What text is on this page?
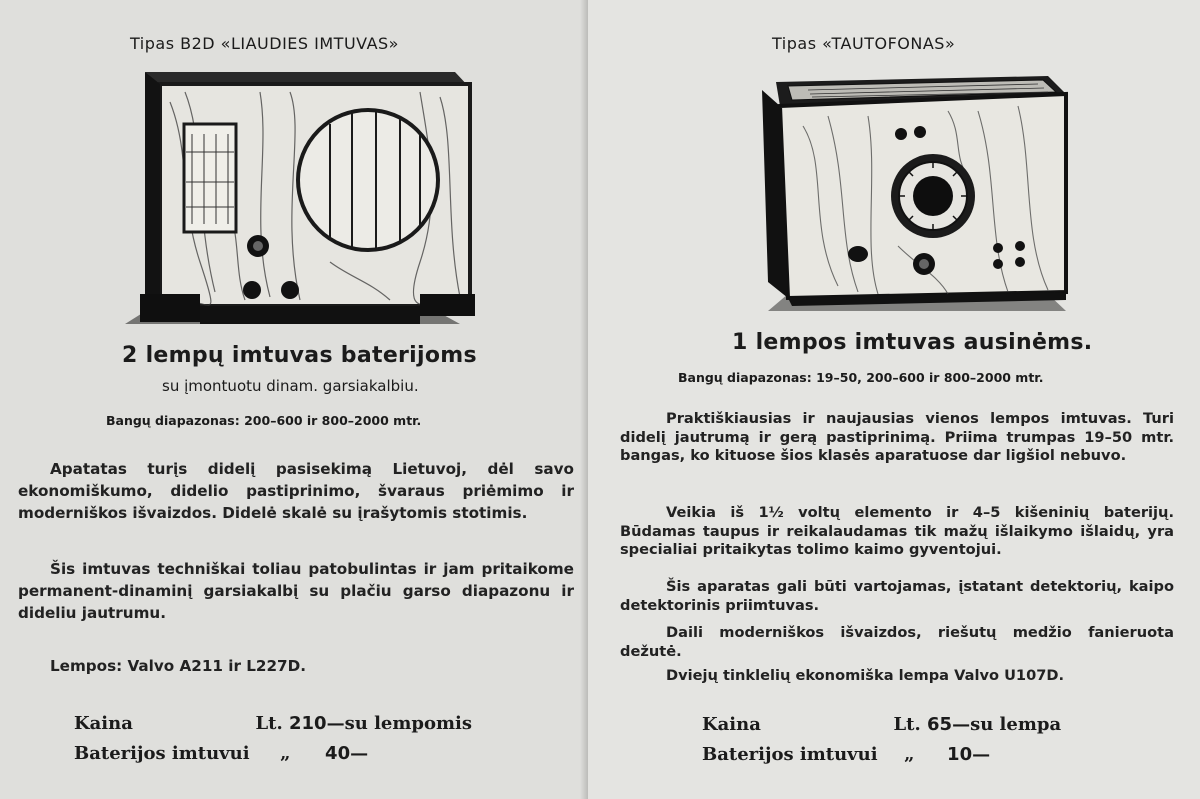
Tipas B2D «LIAUDIES IMTUVAS»
2 lempų imtuvas baterijoms
su įmontuotu dinam. garsiakalbiu.
Bangų diapazonas: 200–600 ir 800–2000 mtr.
Apatatas turįs didelį pasisekimą Lietuvoj, dėl savo ekonomiškumo, didelio pastiprinimo, švaraus priėmimo ir moderniškos išvaizdos. Didelė skalė su įrašytomis stotimis.
Šis imtuvas techniškai toliau patobulintas ir jam pritaikome permanent-dinaminį garsiakalbį su plačiu garso diapazonu ir dideliu jautrumu.
Lempos: Valvo A211 ir L227D.
Kaina	Lt. 210—su lempomis
Baterijos imtuvui „ 40—
Tipas «TAUTOFONAS»
1 lempos imtuvas ausinėms.
Bangų diapazonas: 19–50, 200–600 ir 800–2000 mtr.
Praktiškiausias ir naujausias vienos lempos imtuvas. Turi didelį jautrumą ir gerą pastiprinimą. Priima trumpas 19–50 mtr. bangas, ko kituose šios klasės aparatuose dar ligšiol nebuvo.
Veikia iš 1½ voltų elemento ir 4–5 kišeninių baterijų. Būdamas taupus ir reikalaudamas tik mažų išlaikymo išlaidų, yra specialiai pritaikytas tolimo kaimo gyventojui.
Šis aparatas gali būti vartojamas, įstatant detektorių, kaipo detektorinis priimtuvas.
Daili moderniškos išvaizdos, riešutų medžio fanieruota dežutė.
Dviejų tinklelių ekonomiška lempa Valvo U107D.
Kaina	Lt. 65—su lempa
Baterijos imtuvui „ 10—
